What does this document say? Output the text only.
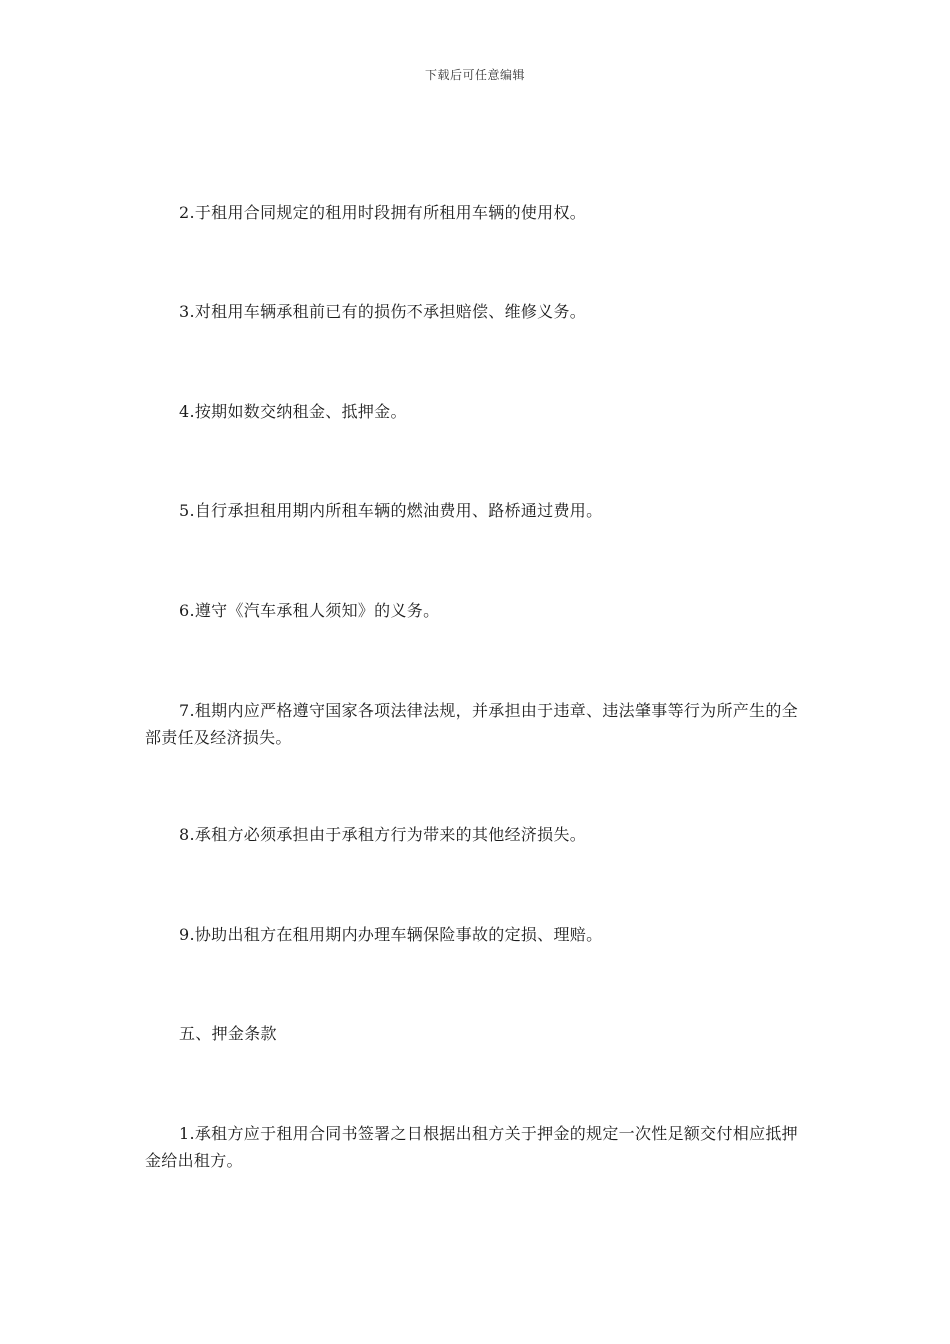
下载后可任意编辑
2.于租用合同规定的租用时段拥有所租用车辆的使用权。
3.对租用车辆承租前已有的损伤不承担赔偿、维修义务。
4.按期如数交纳租金、抵押金。
5.自行承担租用期内所租车辆的燃油费用、路桥通过费用。
6.遵守《汽车承租人须知》的义务。
7.租期内应严格遵守国家各项法律法规，并承担由于违章、违法肇事等行为所产生的全部责任及经济损失。
8.承租方必须承担由于承租方行为带来的其他经济损失。
9.协助出租方在租用期内办理车辆保险事故的定损、理赔。
五、押金条款
1.承租方应于租用合同书签署之日根据出租方关于押金的规定一次性足额交付相应抵押 金给出租方。
